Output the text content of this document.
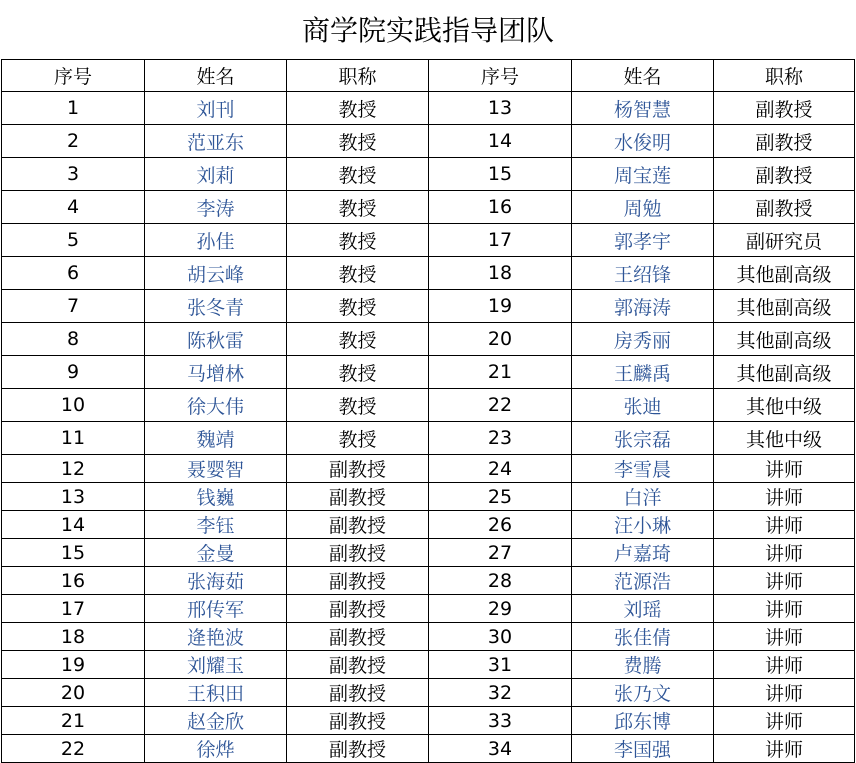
商学院实践指导团队
序号	姓名	职称	序号	姓名	职称
1	刘刊	教授	13	杨智慧	副教授
2	范亚东	教授	14	水俊明	副教授
3	刘莉	教授	15	周宝莲	副教授
4	李涛	教授	16	周勉	副教授
5	孙佳	教授	17	郭孝宇	副研究员
6	胡云峰	教授	18	王绍锋	其他副高级
7	张冬青	教授	19	郭海涛	其他副高级
8	陈秋雷	教授	20	房秀丽	其他副高级
9	马增林	教授	21	王麟禹	其他副高级
10	徐大伟	教授	22	张迪	其他中级
11	魏靖	教授	23	张宗磊	其他中级
12	聂婴智	副教授	24	李雪晨	讲师
13	钱巍	副教授	25	白洋	讲师
14	李钰	副教授	26	汪小琳	讲师
15	金曼	副教授	27	卢嘉琦	讲师
16	张海茹	副教授	28	范源浩	讲师
17	邢传军	副教授	29	刘瑶	讲师
18	逄艳波	副教授	30	张佳倩	讲师
19	刘耀玉	副教授	31	费腾	讲师
20	王积田	副教授	32	张乃文	讲师
21	赵金欣	副教授	33	邱东博	讲师
22	徐烨	副教授	34	李国强	讲师
